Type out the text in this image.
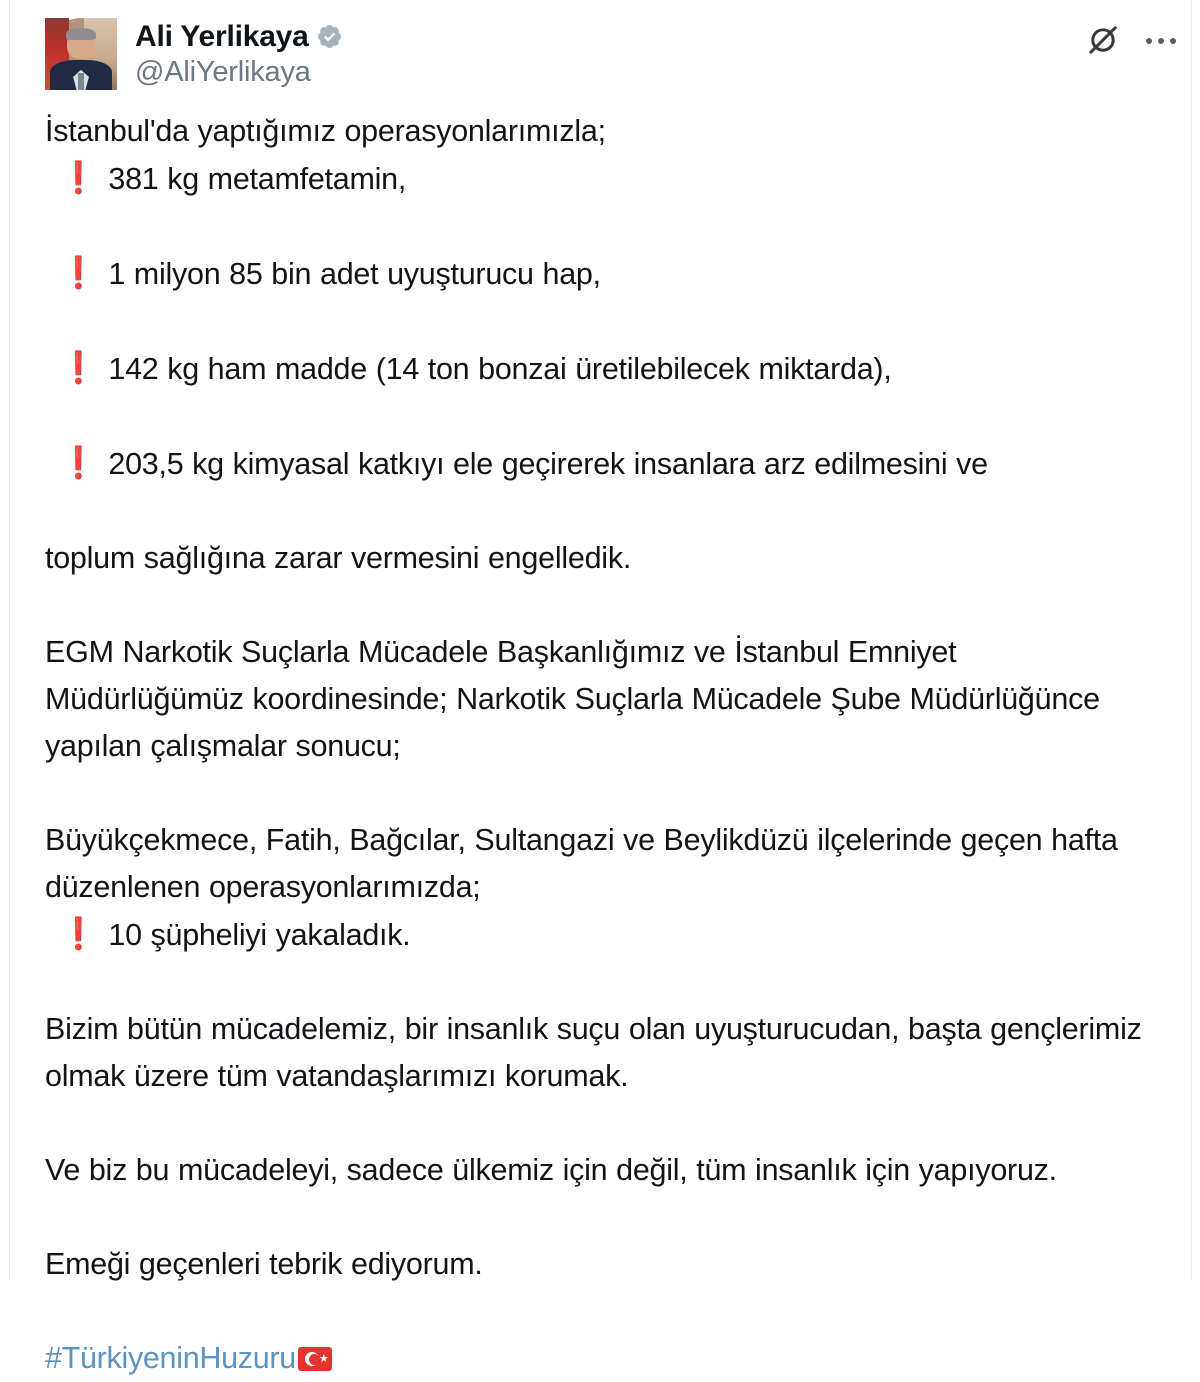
Ali Yerlikaya
@AliYerlikaya

İstanbul'da yaptığımız operasyonlarımızla;

❗ 381 kg metamfetamin,

❗ 1 milyon 85 bin adet uyuşturucu hap,

❗ 142 kg ham madde (14 ton bonzai üretilebilecek miktarda),

❗ 203,5 kg kimyasal katkıyı ele geçirerek insanlara arz edilmesini ve

toplum sağlığına zarar vermesini engelledik.

EGM Narkotik Suçlarla Mücadele Başkanlığımız ve İstanbul Emniyet Müdürlüğümüz koordinesinde; Narkotik Suçlarla Mücadele Şube Müdürlüğünce yapılan çalışmalar sonucu;

Büyükçekmece, Fatih, Bağcılar, Sultangazi ve Beylikdüzü ilçelerinde geçen hafta düzenlenen operasyonlarımızda;

❗ 10 şüpheliyi yakaladık.

Bizim bütün mücadelemiz, bir insanlık suçu olan uyuşturucudan, başta gençlerimiz olmak üzere tüm vatandaşlarımızı korumak.

Ve biz bu mücadeleyi, sadece ülkemiz için değil, tüm insanlık için yapıyoruz.

Emeği geçenleri tebrik ediyorum.

#TürkiyeninHuzuru ★
